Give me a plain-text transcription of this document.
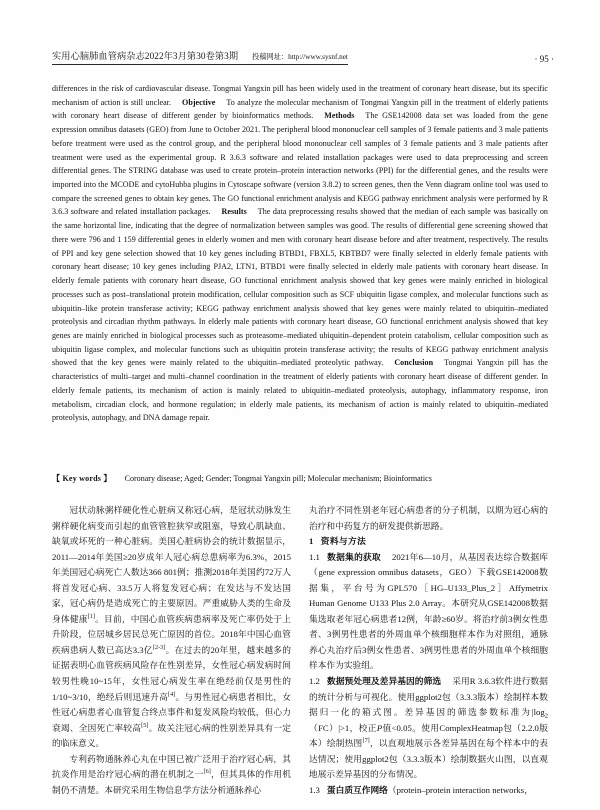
实用心脑肺血管病杂志2022年3月第30卷第3期 投稿网址：http://www.sysnf.net	· 95 ·

differences in the risk of cardiovascular disease. Tongmai Yangxin pill has been widely used in the treatment of coronary heart disease, but its specific mechanism of action is still unclear. Objective To analyze the molecular mechanism of Tongmai Yangxin pill in the treatment of elderly patients with coronary heart disease of different gender by bioinformatics methods. Methods The GSE142008 data set was loaded from the gene expression omnibus datasets (GEO) from June to October 2021. The peripheral blood mononuclear cell samples of 3 female patients and 3 male patients before treatment were used as the control group, and the peripheral blood mononuclear cell samples of 3 female patients and 3 male patients after treatment were used as the experimental group. R 3.6.3 software and related installation packages were used to data preprocessing and screen differential genes. The STRING database was used to create protein–protein interaction networks (PPI) for the differential genes, and the results were imported into the MCODE and cytoHubba plugins in Cytoscape software (version 3.8.2) to screen genes, then the Venn diagram online tool was used to compare the screened genes to obtain key genes. The GO functional enrichment analysis and KEGG pathway enrichment analysis were performed by R 3.6.3 software and related installation packages. Results The data preprocessing results showed that the median of each sample was basically on the same horizontal line, indicating that the degree of normalization between samples was good. The results of differential gene screening showed that there were 796 and 1 159 differential genes in elderly women and men with coronary heart disease before and after treatment, respectively. The results of PPI and key gene selection showed that 10 key genes including BTBD1, FBXL5, KBTBD7 were finally selected in elderly female patients with coronary heart disease; 10 key genes including PJA2, LTN1, BTBD1 were finally selected in elderly male patients with coronary heart disease. In elderly female patients with coronary heart disease, GO functional enrichment analysis showed that key genes were mainly enriched in biological processes such as post–translational protein modification, cellular composition such as SCF ubiquitin ligase complex, and molecular functions such as ubiquitin–like protein transferase activity; KEGG pathway enrichment analysis showed that key genes were mainly related to ubiquitin–mediated proteolysis and circadian rhythm pathways. In elderly male patients with coronary heart disease, GO functional enrichment analysis showed that key genes are mainly enriched in biological processes such as proteasome–mediated ubiquitin–dependent protein catabolism, cellular composition such as ubiquitin ligase complex, and molecular functions such as ubiquitin protein transferase activity; the results of KEGG pathway enrichment analysis showed that the key genes were mainly related to the ubiquitin–mediated proteolytic pathway. Conclusion Tongmai Yangxin pill has the characteristics of multi–target and multi–channel coordination in the treatment of elderly patients with coronary heart disease of different gender. In elderly female patients, its mechanism of action is mainly related to ubiquitin–mediated proteolysis, autophagy, inflammatory response, iron metabolism, circadian clock, and hormone regulation; in elderly male patients, its mechanism of action is mainly related to ubiquitin–mediated proteolysis, autophagy, and DNA damage repair.

【 Key words 】 Coronary disease; Aged; Gender; Tongmai Yangxin pill; Molecular mechanism; Bioinformatics

冠状动脉粥样硬化性心脏病又称冠心病，是冠状动脉发生粥样硬化病变而引起的血管管腔狭窄或阻塞，导致心肌缺血、缺氧或坏死的一种心脏病。美国心脏病协会的统计数据显示，2011—2014年美国≥20岁成年人冠心病总患病率为6.3%，2015年美国冠心病死亡人数达366 801例；推测2018年美国约72万人将首发冠心病、33.5万人将复发冠心病；在发达与不发达国家，冠心病仍是造成死亡的主要原因。严重威胁人类的生命及身体健康[1]。目前，中国心血管疾病患病率及死亡率仍处于上升阶段，位居城乡居民总死亡原因的首位。2018年中国心血管疾病患病人数已高达3.3亿[2-3]。在过去的20年里，越来越多的证据表明心血管疾病风险存在性别差异，女性冠心病发病时间较男性晚10~15年，女性冠心病发生率在绝经前仅是男性的1/10~3/10，绝经后则迅速升高[4]。与男性冠心病患者相比，女性冠心病患者心血管复合终点事件和复发风险均较低，但心力衰竭、全因死亡率较高[5]。故关注冠心病的性别差异具有一定的临床意义。

专利药物通脉养心丸在中国已被广泛用于治疗冠心病，其抗炎作用是治疗冠心病的潜在机制之一[6]，但其具体的作用机制仍不清楚。本研究采用生物信息学方法分析通脉养心

丸治疗不同性别老年冠心病患者的分子机制，以期为冠心病的治疗和中药复方的研发提供新思路。

1 资料与方法

1.1 数据集的获取 2021年6—10月，从基因表达综合数据库（gene expression omnibus datasets，GEO）下载GSE142008数据集，平台号为GPL570［HG–U133_Plus_2］Affymetrix Human Genome U133 Plus 2.0 Array。本研究从GSE142008数据集选取老年冠心病患者12例，年龄≥60岁。将治疗前3例女性患者、3例男性患者的外周血单个核细胞样本作为对照组，通脉养心丸治疗后3例女性患者、3例男性患者的外周血单个核细胞样本作为实验组。

1.2 数据预处理及差异基因的筛选 采用R 3.6.3软件进行数据的统计分析与可视化。使用ggplot2包（3.3.3版本）绘制样本数据归一化的箱式图。差异基因的筛选参数标准为$|\log_2(FC)|>1$，校正P值<0.05。使用ComplexHeatmap包（2.2.0版本）绘制热图[7]，以直观地展示各差异基因在每个样本中的表达情况；使用ggplot2包（3.3.3版本）绘制数据火山图，以直观地展示差异基因的分布情况。

1.3 蛋白质互作网络（protein–protein interaction networks，
